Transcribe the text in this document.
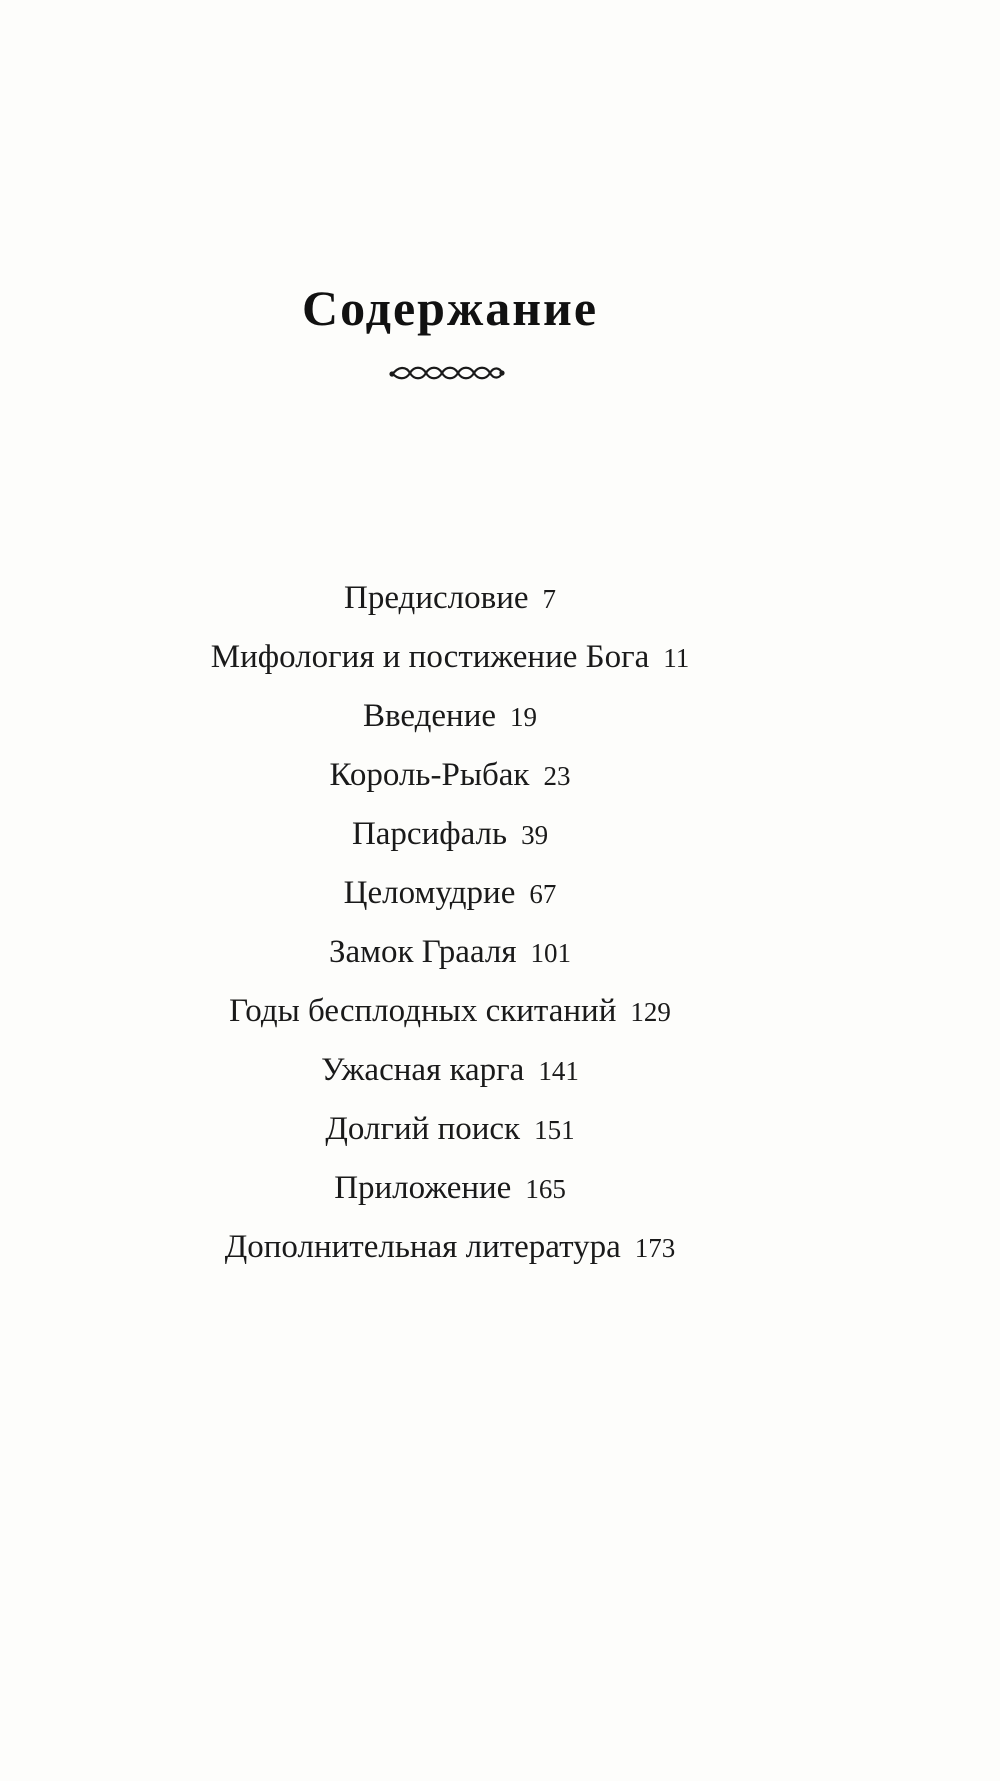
Содержание
Предисловие 7
Мифология и постижение Бога 11
Введение 19
Король-Рыбак 23
Парсифаль 39
Целомудрие 67
Замок Грааля 101
Годы бесплодных скитаний 129
Ужасная карга 141
Долгий поиск 151
Приложение 165
Дополнительная литература 173
